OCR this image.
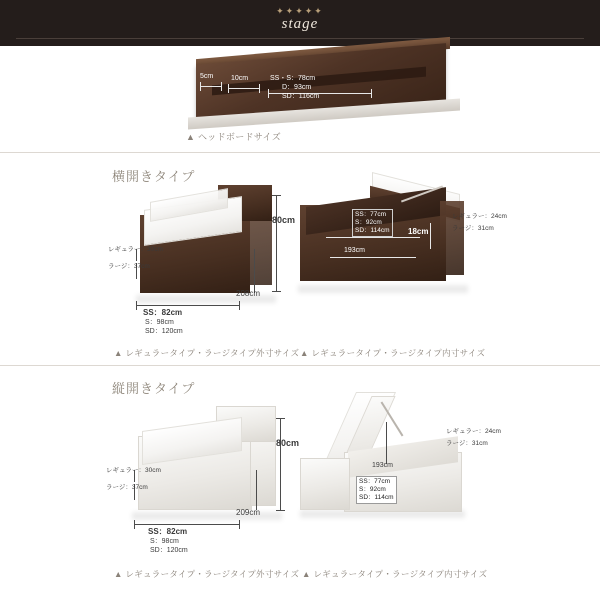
✦✦✦✦✦
stage
5cm	10cm	SS・S：78cm
D：93cm
SD：116cm
▲ ヘッドボードサイズ
横開きタイプ
80cm
レギュラー：30cm
ラージ：37cm
208cm
SS：82cm
S：98cm
SD：120cm
▲ レギュラータイプ・ラージタイプ外寸サイズ
SS：77cm
S：92cm
SD：114cm 18cm
193cm
レギュラー：24cm
ラージ：31cm
▲ レギュラータイプ・ラージタイプ内寸サイズ
縦開きタイプ
80cm
レギュラー：30cm
ラージ：37cm
209cm
SS：82cm
S：98cm
SD：120cm
▲ レギュラータイプ・ラージタイプ外寸サイズ
193cm
SS：77cm
S：92cm
SD：114cm
レギュラー：24cm
ラージ：31cm
▲ レギュラータイプ・ラージタイプ内寸サイズ
